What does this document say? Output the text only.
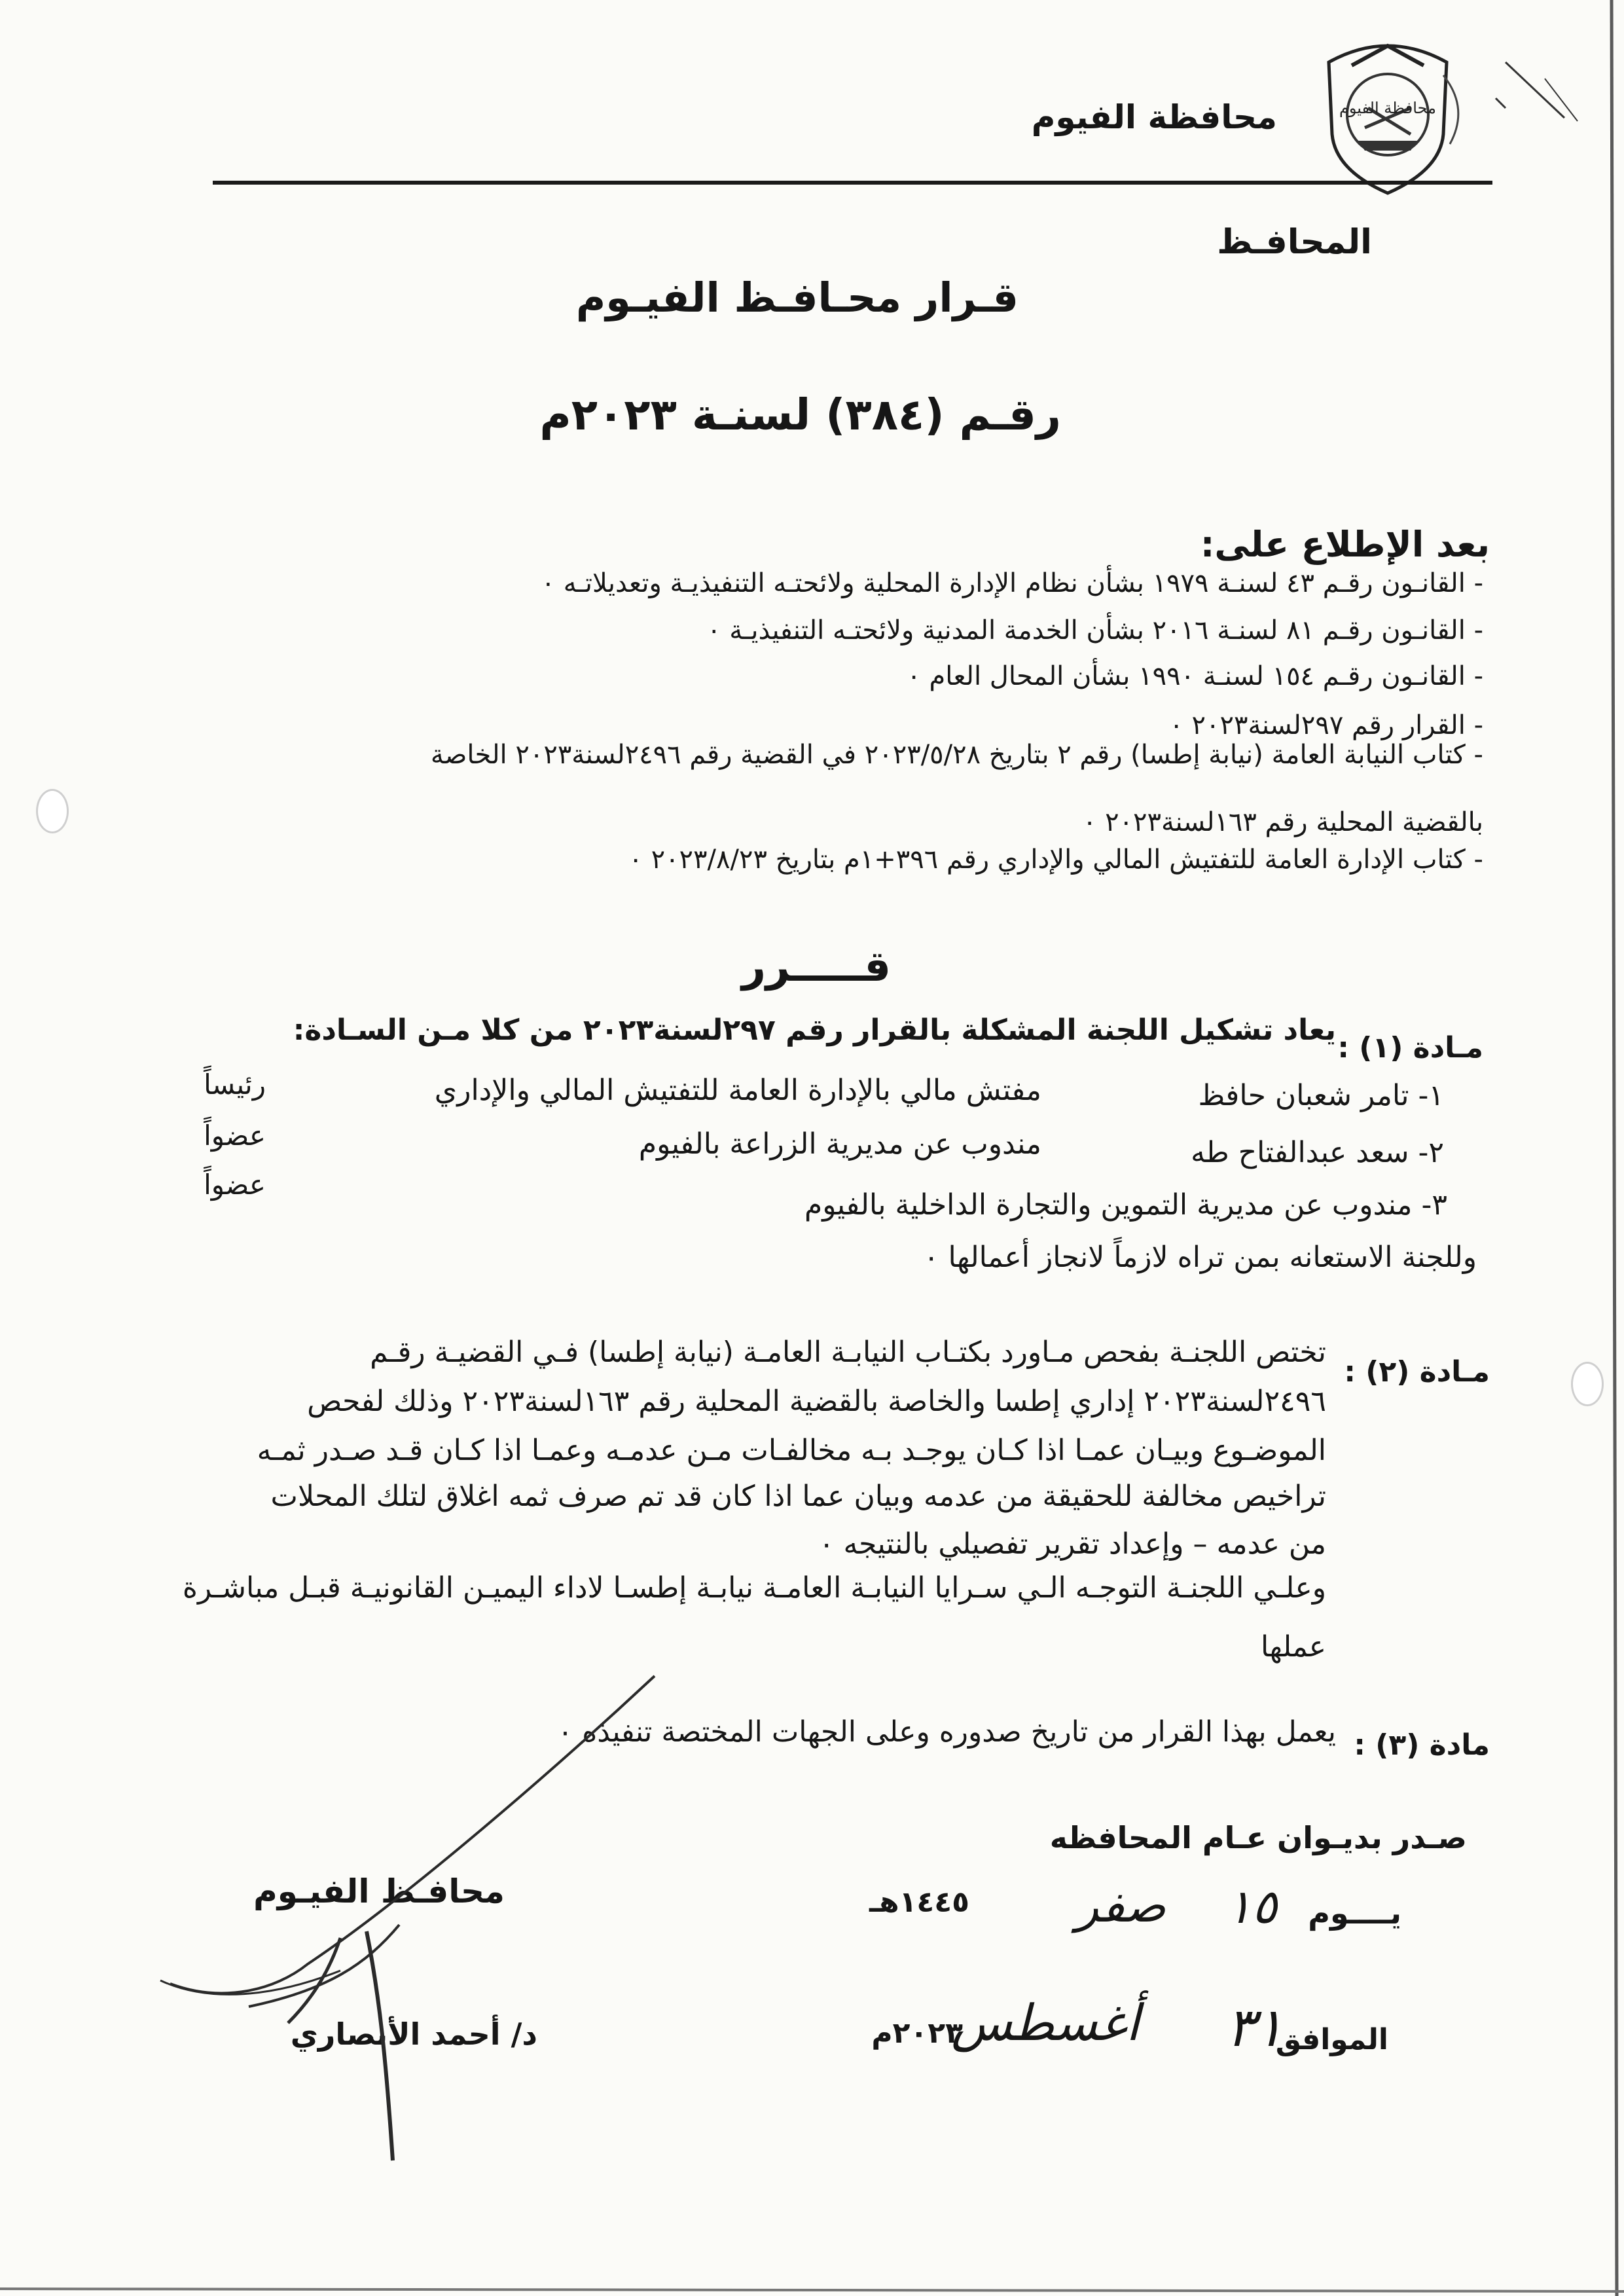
محافظة الفيوم
محافظة الفيوم
المحافـظ
قـرار محـافـظ الفيـوم
رقـم (٣٨٤) لسنـة ٢٠٢٣م
بعد الإطلاع على:
- القانـون رقـم ٤٣ لسنـة ١٩٧٩ بشأن نظام الإدارة المحلية ولائحتـه التنفيذيـة وتعديلاتـه ٠
- القانـون رقـم ٨١ لسنـة ٢٠١٦ بشأن الخدمة المدنية ولائحتـه التنفيذيـة ٠
- القانـون رقـم ١٥٤ لسنـة ١٩٩٠ بشأن المحال العام ٠
- القرار رقم ٢٩٧لسنة٢٠٢٣ ٠
- كتاب النيابة العامة (نيابة إطسا) رقم ٢ بتاريخ ٢٠٢٣/٥/٢٨ في القضية رقم ٢٤٩٦لسنة٢٠٢٣ الخاصة
بالقضية المحلية رقم ١٦٣لسنة٢٠٢٣ ٠
- كتاب الإدارة العامة للتفتيش المالي والإداري رقم ٣٩٦+١م بتاريخ ٢٠٢٣/٨/٢٣ ٠
قـــــرر
مـادة (١) :
يعاد تشكيل اللجنة المشكلة بالقرار رقم ٢٩٧لسنة٢٠٢٣ من كلا مـن السـادة:
١- تامر شعبان حافظ
مفتش مالي بالإدارة العامة للتفتيش المالي والإداري
رئيساً
٢- سعد عبدالفتاح طه
مندوب عن مديرية الزراعة بالفيوم
عضواً
٣- مندوب عن مديرية التموين والتجارة الداخلية بالفيوم
عضواً
وللجنة الاستعانه بمن تراه لازماً لانجاز أعمالها ٠
مـادة (٢) :
تختص اللجنـة بفحص مـاورد بكتـاب النيابـة العامـة (نيابة إطسا) فـي القضيـة رقـم
٢٤٩٦لسنة٢٠٢٣ إداري إطسا والخاصة بالقضية المحلية رقم ١٦٣لسنة٢٠٢٣ وذلك لفحص
الموضـوع وبيـان عمـا اذا كـان يوجـد بـه مخالفـات مـن عدمـه وعمـا اذا كـان قـد صـدر ثمـه
تراخيص مخالفة للحقيقة من عدمه وبيان عما اذا كان قد تم صرف ثمه اغلاق لتلك المحلات
من عدمه – وإعداد تقرير تفصيلي بالنتيجه ٠
وعلـي اللجنـة التوجـه الـي سـرايا النيابـة العامـة نيابـة إطسـا لاداء اليميـن القانونيـة قبـل مباشـرة
عملها
مادة (٣) :
يعمل بهذا القرار من تاريخ صدوره وعلى الجهات المختصة تنفيذه ٠
صـدر بديـوان عـام المحافظه
يــــوم
١٥
صفر
١٤٤٥هـ
الموافق
٣١
أغسطس
٢٠٢٣م
محافـظ الفيـوم
د/ أحمد الأنصاري
